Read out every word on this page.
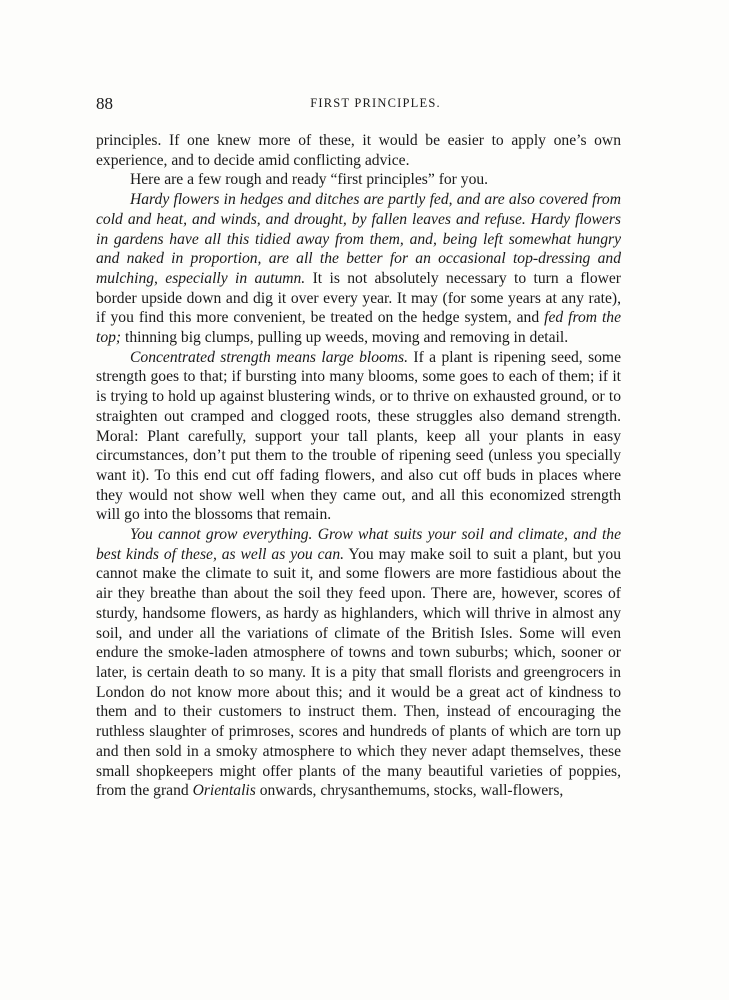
88	FIRST PRINCIPLES.

principles. If one knew more of these, it would be easier to apply one’s own experience, and to decide amid conflicting advice.

Here are a few rough and ready “first principles” for you.

Hardy flowers in hedges and ditches are partly fed, and are also covered from cold and heat, and winds, and drought, by fallen leaves and refuse. Hardy flowers in gardens have all this tidied away from them, and, being left somewhat hungry and naked in proportion, are all the better for an occasional top-dressing and mulching, especially in autumn. It is not absolutely necessary to turn a flower border upside down and dig it over every year. It may (for some years at any rate), if you find this more convenient, be treated on the hedge system, and fed from the top; thinning big clumps, pulling up weeds, moving and removing in detail.

Concentrated strength means large blooms. If a plant is ripening seed, some strength goes to that; if bursting into many blooms, some goes to each of them; if it is trying to hold up against blustering winds, or to thrive on exhausted ground, or to straighten out cramped and clogged roots, these struggles also demand strength. Moral: Plant carefully, support your tall plants, keep all your plants in easy circumstances, don’t put them to the trouble of ripening seed (unless you specially want it). To this end cut off fading flowers, and also cut off buds in places where they would not show well when they came out, and all this economized strength will go into the blossoms that remain.

You cannot grow everything. Grow what suits your soil and climate, and the best kinds of these, as well as you can. You may make soil to suit a plant, but you cannot make the climate to suit it, and some flowers are more fastidious about the air they breathe than about the soil they feed upon. There are, however, scores of sturdy, handsome flowers, as hardy as highlanders, which will thrive in almost any soil, and under all the variations of climate of the British Isles. Some will even endure the smoke-laden atmosphere of towns and town suburbs; which, sooner or later, is certain death to so many. It is a pity that small florists and greengrocers in London do not know more about this; and it would be a great act of kindness to them and to their customers to instruct them. Then, instead of encouraging the ruthless slaughter of primroses, scores and hundreds of plants of which are torn up and then sold in a smoky atmosphere to which they never adapt themselves, these small shopkeepers might offer plants of the many beautiful varieties of poppies, from the grand Orientalis onwards, chrysanthemums, stocks, wall-flowers,
